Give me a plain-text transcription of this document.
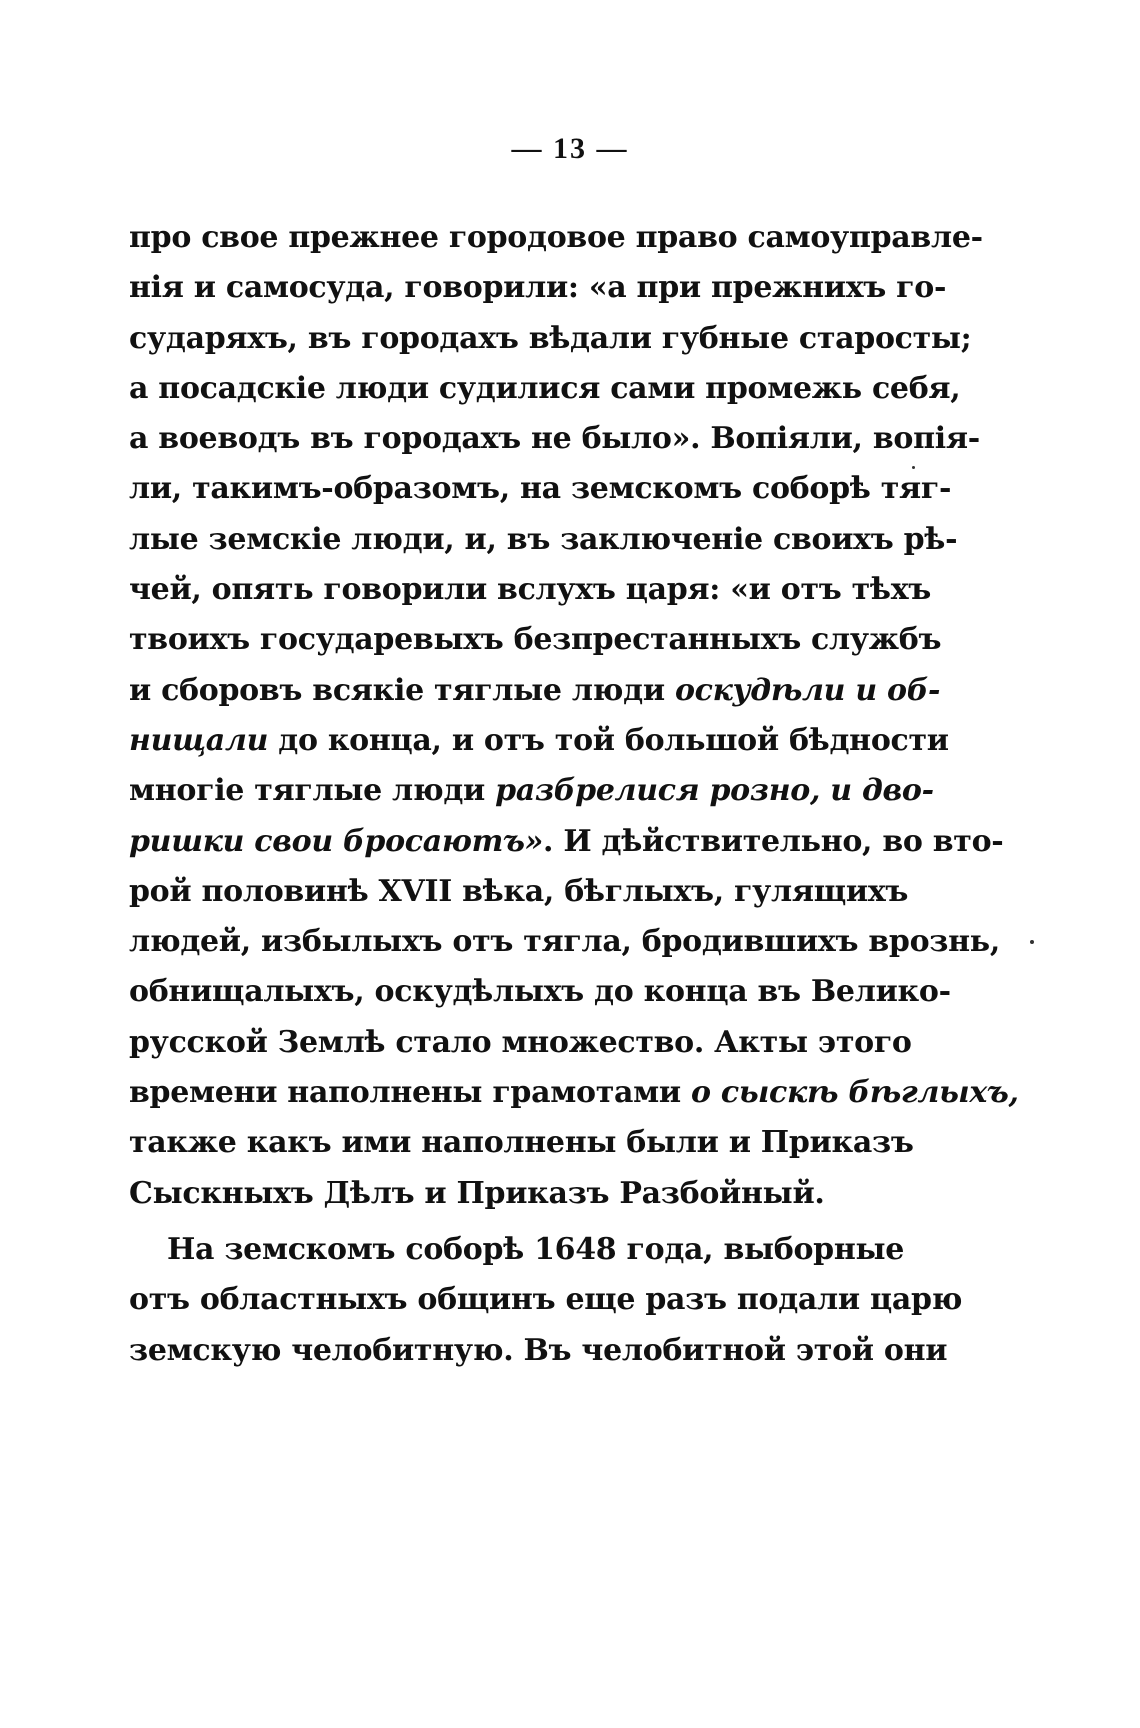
— 13 —
про свое прежнее городовое право самоуправле-
нія и самосуда, говорили: «а при прежнихъ го-
сударяхъ, въ городахъ вѣдали губные старосты;
а посадскіе люди судилися сами промежь себя,
а воеводъ въ городахъ не было». Вопіяли, вопія-
ли, такимъ-образомъ, на земскомъ соборѣ тяг-
лые земскіе люди, и, въ заключеніе своихъ рѣ-
чей, опять говорили вслухъ царя: «и отъ тѣхъ
твоихъ государевыхъ безпрестанныхъ службъ
и сборовъ всякіе тяглые люди оскудѣли и об-
нищали до конца, и отъ той большой бѣдности
многіе тяглые люди разбрелися розно, и дво-
ришки свои бросаютъ». И дѣйствительно, во вто-
рой половинѣ XVII вѣка, бѣглыхъ, гулящихъ
людей, избылыхъ отъ тягла, бродившихъ врознь,
обнищалыхъ, оскудѣлыхъ до конца въ Велико-
русской Землѣ стало множество. Акты этого
времени наполнены грамотами о сыскѣ бѣглыхъ,
также какъ ими наполнены были и Приказъ
Сыскныхъ Дѣлъ и Приказъ Разбойный.
На земскомъ соборѣ 1648 года, выборные
отъ областныхъ общинъ еще разъ подали царю
земскую челобитную. Въ челобитной этой они
